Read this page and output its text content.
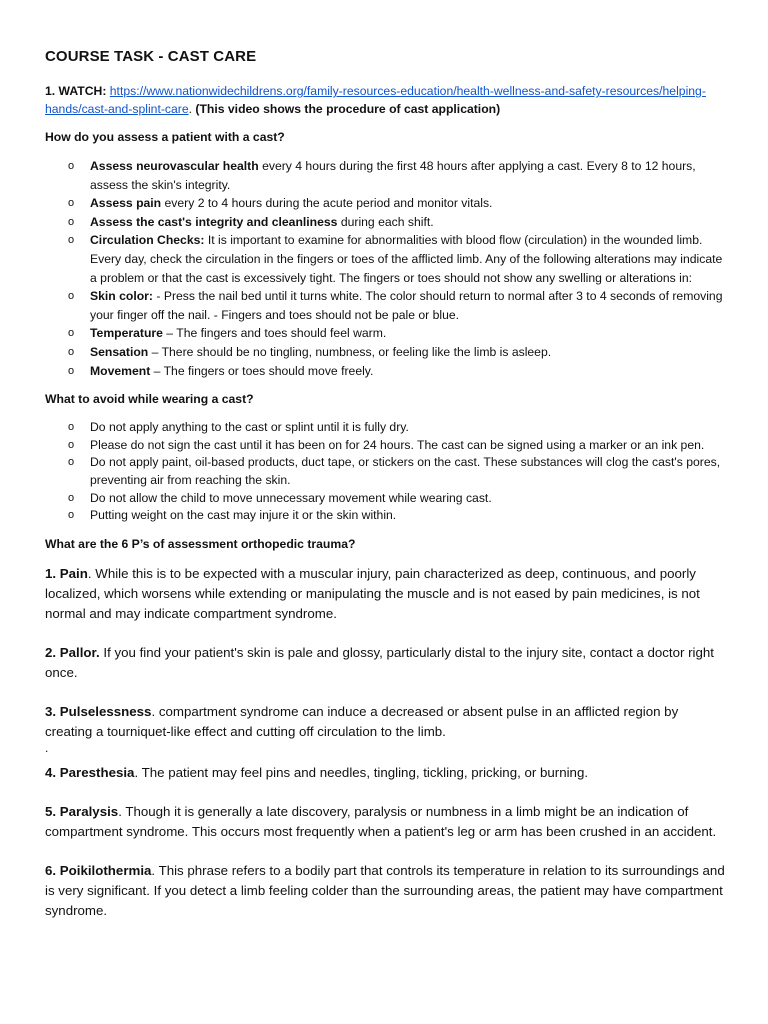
COURSE TASK - CAST CARE
1. WATCH: https://www.nationwidechildrens.org/family-resources-education/health-wellness-and-safety-resources/helping-hands/cast-and-splint-care. (This video shows the procedure of cast application)
How do you assess a patient with a cast?
o Assess neurovascular health every 4 hours during the first 48 hours after applying a cast. Every 8 to 12 hours, assess the skin's integrity.
o Assess pain every 2 to 4 hours during the acute period and monitor vitals.
o Assess the cast's integrity and cleanliness during each shift.
o Circulation Checks: It is important to examine for abnormalities with blood flow (circulation) in the wounded limb. Every day, check the circulation in the fingers or toes of the afflicted limb. Any of the following alterations may indicate a problem or that the cast is excessively tight. The fingers or toes should not show any swelling or alterations in:
o Skin color: - Press the nail bed until it turns white. The color should return to normal after 3 to 4 seconds of removing your finger off the nail. - Fingers and toes should not be pale or blue.
o Temperature – The fingers and toes should feel warm.
o Sensation – There should be no tingling, numbness, or feeling like the limb is asleep.
o Movement – The fingers or toes should move freely.
What to avoid while wearing a cast?
o Do not apply anything to the cast or splint until it is fully dry.
o Please do not sign the cast until it has been on for 24 hours. The cast can be signed using a marker or an ink pen.
o Do not apply paint, oil-based products, duct tape, or stickers on the cast. These substances will clog the cast's pores, preventing air from reaching the skin.
o Do not allow the child to move unnecessary movement while wearing cast.
o Putting weight on the cast may injure it or the skin within.
What are the 6 P’s of assessment orthopedic trauma?
1. Pain. While this is to be expected with a muscular injury, pain characterized as deep, continuous, and poorly localized, which worsens while extending or manipulating the muscle and is not eased by pain medicines, is not normal and may indicate compartment syndrome.
2. Pallor. If you find your patient's skin is pale and glossy, particularly distal to the injury site, contact a doctor right once.
3. Pulselessness. compartment syndrome can induce a decreased or absent pulse in an afflicted region by creating a tourniquet-like effect and cutting off circulation to the limb.
.
4. Paresthesia. The patient may feel pins and needles, tingling, tickling, pricking, or burning.
5. Paralysis. Though it is generally a late discovery, paralysis or numbness in a limb might be an indication of compartment syndrome. This occurs most frequently when a patient's leg or arm has been crushed in an accident.
6. Poikilothermia. This phrase refers to a bodily part that controls its temperature in relation to its surroundings and is very significant. If you detect a limb feeling colder than the surrounding areas, the patient may have compartment syndrome.
